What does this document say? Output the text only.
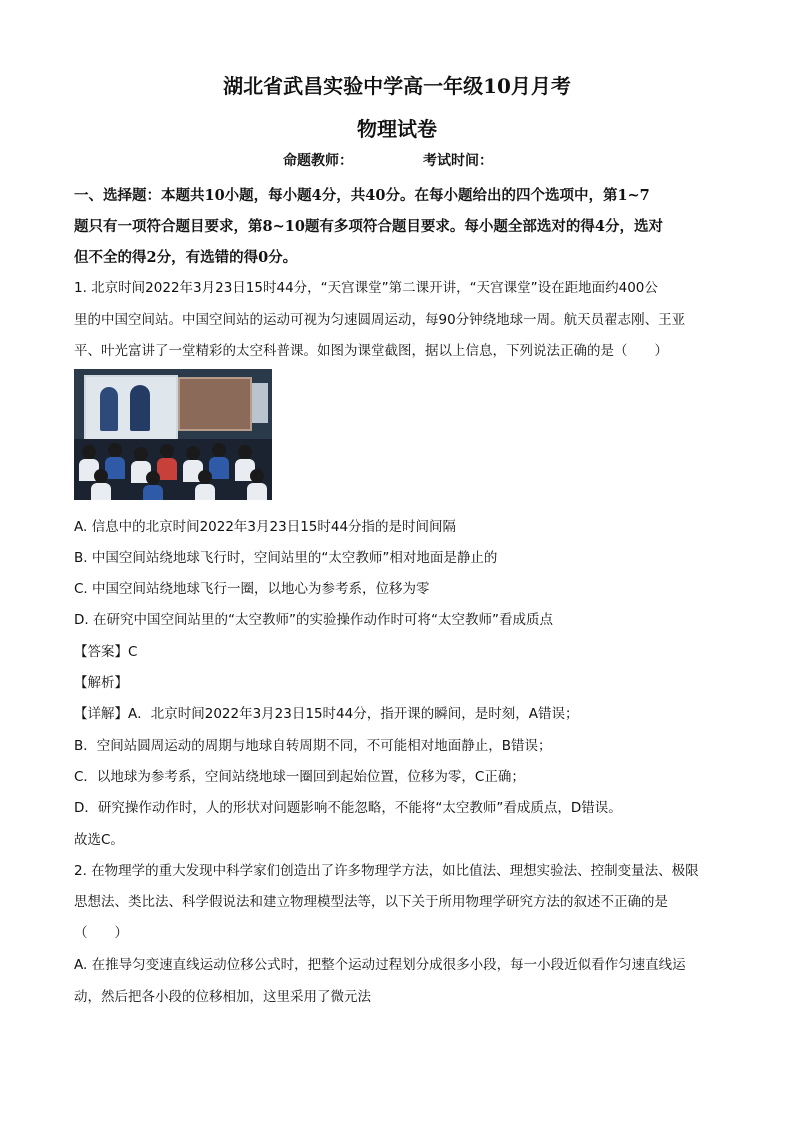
湖北省武昌实验中学高一年级10月月考
物理试卷
命题教师：	考试时间：
一、选择题：本题共10小题，每小题4分，共40分。在每小题给出的四个选项中，第1~7
题只有一项符合题目要求，第8~10题有多项符合题目要求。每小题全部选对的得4分，选对
但不全的得2分，有选错的得0分。
1. 北京时间2022年3月23日15时44分，“天宫课堂”第二课开讲，“天宫课堂”设在距地面约400公
里的中国空间站。中国空间站的运动可视为匀速圆周运动，每90分钟绕地球一周。航天员翟志刚、王亚
平、叶光富讲了一堂精彩的太空科普课。如图为课堂截图，据以上信息，下列说法正确的是（　　）
A. 信息中的北京时间2022年3月23日15时44分指的是时间间隔
B. 中国空间站绕地球飞行时，空间站里的“太空教师”相对地面是静止的
C. 中国空间站绕地球飞行一圈，以地心为参考系，位移为零
D. 在研究中国空间站里的“太空教师”的实验操作动作时可将“太空教师”看成质点
【答案】C
【解析】
【详解】A．北京时间2022年3月23日15时44分，指开课的瞬间，是时刻，A错误；
B．空间站圆周运动的周期与地球自转周期不同，不可能相对地面静止，B错误；
C．以地球为参考系，空间站绕地球一圈回到起始位置，位移为零，C正确；
D．研究操作动作时，人的形状对问题影响不能忽略，不能将“太空教师”看成质点，D错误。
故选C。
2. 在物理学的重大发现中科学家们创造出了许多物理学方法，如比值法、理想实验法、控制变量法、极限
思想法、类比法、科学假说法和建立物理模型法等，以下关于所用物理学研究方法的叙述不正确的是
（　　）
A. 在推导匀变速直线运动位移公式时，把整个运动过程划分成很多小段，每一小段近似看作匀速直线运
动，然后把各小段的位移相加，这里采用了微元法
